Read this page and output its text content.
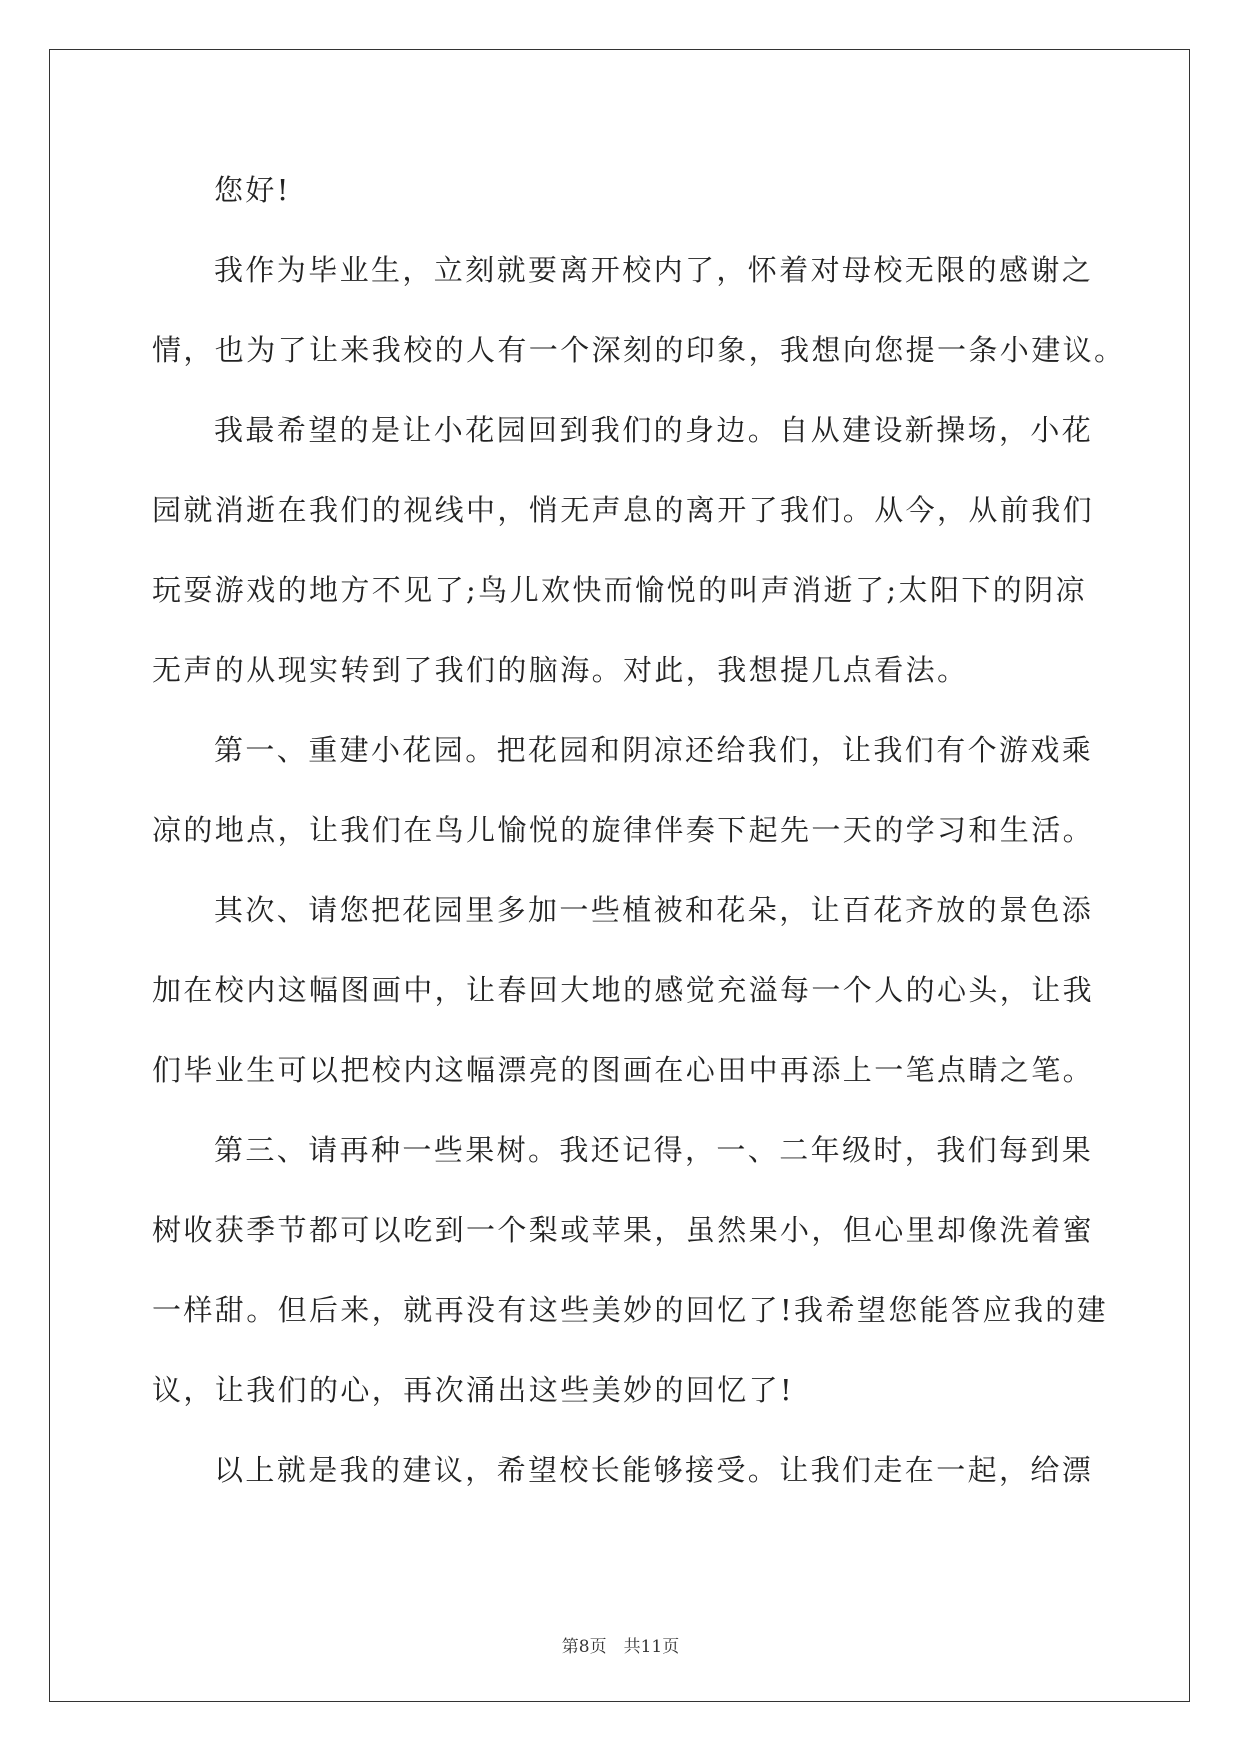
您好!
我作为毕业生，立刻就要离开校内了，怀着对母校无限的感谢之
情，也为了让来我校的人有一个深刻的印象，我想向您提一条小建议。
我最希望的是让小花园回到我们的身边。自从建设新操场，小花
园就消逝在我们的视线中，悄无声息的离开了我们。从今，从前我们
玩耍游戏的地方不见了;鸟儿欢快而愉悦的叫声消逝了;太阳下的阴凉
无声的从现实转到了我们的脑海。对此，我想提几点看法。
第一、重建小花园。把花园和阴凉还给我们，让我们有个游戏乘
凉的地点，让我们在鸟儿愉悦的旋律伴奏下起先一天的学习和生活。
其次、请您把花园里多加一些植被和花朵，让百花齐放的景色添
加在校内这幅图画中，让春回大地的感觉充溢每一个人的心头，让我
们毕业生可以把校内这幅漂亮的图画在心田中再添上一笔点睛之笔。
第三、请再种一些果树。我还记得，一、二年级时，我们每到果
树收获季节都可以吃到一个梨或苹果，虽然果小，但心里却像洗着蜜
一样甜。但后来，就再没有这些美妙的回忆了!我希望您能答应我的建
议，让我们的心，再次涌出这些美妙的回忆了!
以上就是我的建议，希望校长能够接受。让我们走在一起，给漂
第8页　共11页
